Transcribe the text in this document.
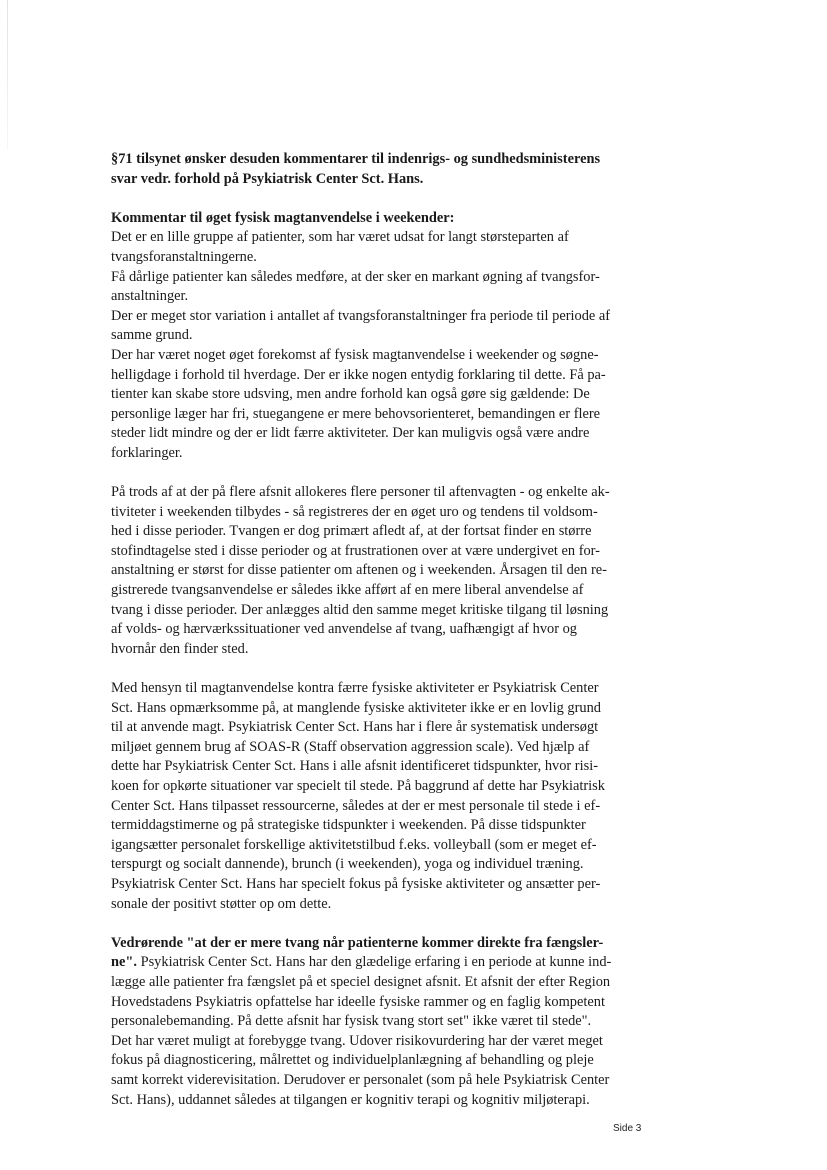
§71 tilsynet ønsker desuden kommentarer til indenrigs- og sundhedsministerens
svar vedr. forhold på Psykiatrisk Center Sct. Hans.
Kommentar til øget fysisk magtanvendelse i weekender:
Det er en lille gruppe af patienter, som har været udsat for langt størsteparten af
tvangsforanstaltningerne.
Få dårlige patienter kan således medføre, at der sker en markant øgning af tvangsfor-
anstaltninger.
Der er meget stor variation i antallet af tvangsforanstaltninger fra periode til periode af
samme grund.
Der har været noget øget forekomst af fysisk magtanvendelse i weekender og søgne-
helligdage i forhold til hverdage. Der er ikke nogen entydig forklaring til dette. Få pa-
tienter kan skabe store udsving, men andre forhold kan også gøre sig gældende: De
personlige læger har fri, stuegangene er mere behovsorienteret, bemandingen er flere
steder lidt mindre og der er lidt færre aktiviteter. Der kan muligvis også være andre
forklaringer.
På trods af at der på flere afsnit allokeres flere personer til aftenvagten - og enkelte ak-
tiviteter i weekenden tilbydes - så registreres der en øget uro og tendens til voldsom-
hed i disse perioder. Tvangen er dog primært afledt af, at der fortsat finder en større
stofindtagelse sted i disse perioder og at frustrationen over at være undergivet en for-
anstaltning er størst for disse patienter om aftenen og i weekenden. Årsagen til den re-
gistrerede tvangsanvendelse er således ikke afført af en mere liberal anvendelse af
tvang i disse perioder. Der anlægges altid den samme meget kritiske tilgang til løsning
af volds- og hærværkssituationer ved anvendelse af tvang, uafhængigt af hvor og
hvornår den finder sted.
Med hensyn til magtanvendelse kontra færre fysiske aktiviteter er Psykiatrisk Center
Sct. Hans opmærksomme på, at manglende fysiske aktiviteter ikke er en lovlig grund
til at anvende magt. Psykiatrisk Center Sct. Hans har i flere år systematisk undersøgt
miljøet gennem brug af SOAS-R (Staff observation aggression scale). Ved hjælp af
dette har Psykiatrisk Center Sct. Hans i alle afsnit identificeret tidspunkter, hvor risi-
koen for opkørte situationer var specielt til stede. På baggrund af dette har Psykiatrisk
Center Sct. Hans tilpasset ressourcerne, således at der er mest personale til stede i ef-
termiddagstimerne og på strategiske tidspunkter i weekenden. På disse tidspunkter
igangsætter personalet forskellige aktivitetstilbud f.eks. volleyball (som er meget ef-
terspurgt og socialt dannende), brunch (i weekenden), yoga og individuel træning.
Psykiatrisk Center Sct. Hans har specielt fokus på fysiske aktiviteter og ansætter per-
sonale der positivt støtter op om dette.
Vedrørende "at der er mere tvang når patienterne kommer direkte fra fængsler-
ne". Psykiatrisk Center Sct. Hans har den glædelige erfaring i en periode at kunne ind-
lægge alle patienter fra fængslet på et speciel designet afsnit. Et afsnit der efter Region
Hovedstadens Psykiatris opfattelse har ideelle fysiske rammer og en faglig kompetent
personalebemanding. På dette afsnit har fysisk tvang stort set" ikke været til stede".
Det har været muligt at forebygge tvang. Udover risikovurdering har der været meget
fokus på diagnosticering, målrettet og individuelplanlægning af behandling og pleje
samt korrekt viderevisitation. Derudover er personalet (som på hele Psykiatrisk Center
Sct. Hans), uddannet således at tilgangen er kognitiv terapi og kognitiv miljøterapi.
Side 3
